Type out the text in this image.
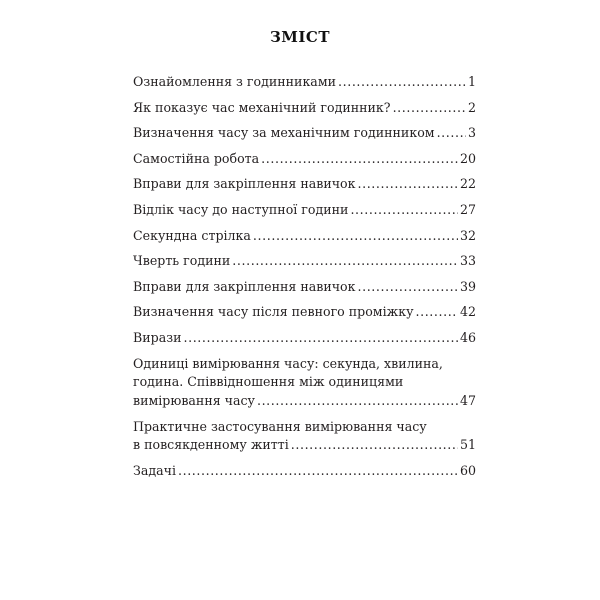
ЗМІСТ
Ознайомлення з годинниками .....	1
Як показує час механічний годинник? .....	2
Визначення часу за механічним годинником .....	3
Самостійна робота .....	20
Вправи для закріплення навичок .....	22
Відлік часу до наступної години .....	27
Секундна стрілка .....	32
Чверть години .....	33
Вправи для закріплення навичок .....	39
Визначення часу після певного проміжку .....	42
Вирази .....	46
Одиниці вимірювання часу: секунда, хвилина,
година. Співвідношення між одиницями
вимірювання часу .....	47
Практичне застосування вимірювання часу
в повсякденному житті .....	51
Задачі .....	60
